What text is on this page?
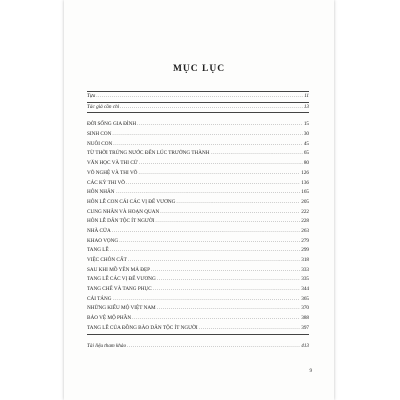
MỤC LỤC
Tựa . . .	11
Tác giả cần chỉ . . .	13
ĐỜI SỐNG GIA ĐÌNH . . .	15
SINH CON . . .	30
NUÔI CON . . .	45
TỪ THỜI TRỨNG NƯỚC ĐẾN LÚC TRƯỞNG THÀNH . . .	65
VĂN HỌC VÀ THI CỬ . . .	80
VÕ NGHỆ VÀ THI VÕ . . .	126
CÁC KỲ THI VÕ . . .	136
HÔN NHÂN . . .	165
HÔN LỄ CON CÁI CÁC VỊ ĐẾ VƯƠNG . . .	205
CUNG NHÂN VÀ HOẠN QUAN . . .	222
HÔN LỄ DÂN TỘC ÍT NGƯỜI . . .	228
NHÀ CỬA . . .	263
KHAO VỌNG . . .	279
TANG LỄ . . .	299
VIỆC CHÔN CẤT . . .	318
SAU KHI MỒ YÊN MẢ ĐẸP . . .	333
TANG LỄ CÁC VỊ ĐẾ VƯƠNG . . .	335
TANG CHẾ VÀ TANG PHỤC . . .	344
CẢI TÁNG . . .	365
NHỮNG KIỂU MỘ VIỆT NAM . . .	370
BẢO VỆ MỘ PHẦN . . .	388
TANG LỄ CỦA ĐỒNG BÀO DÂN TỘC ÍT NGƯỜI . . .	397
Tài liệu tham khảo . . .	413
9
